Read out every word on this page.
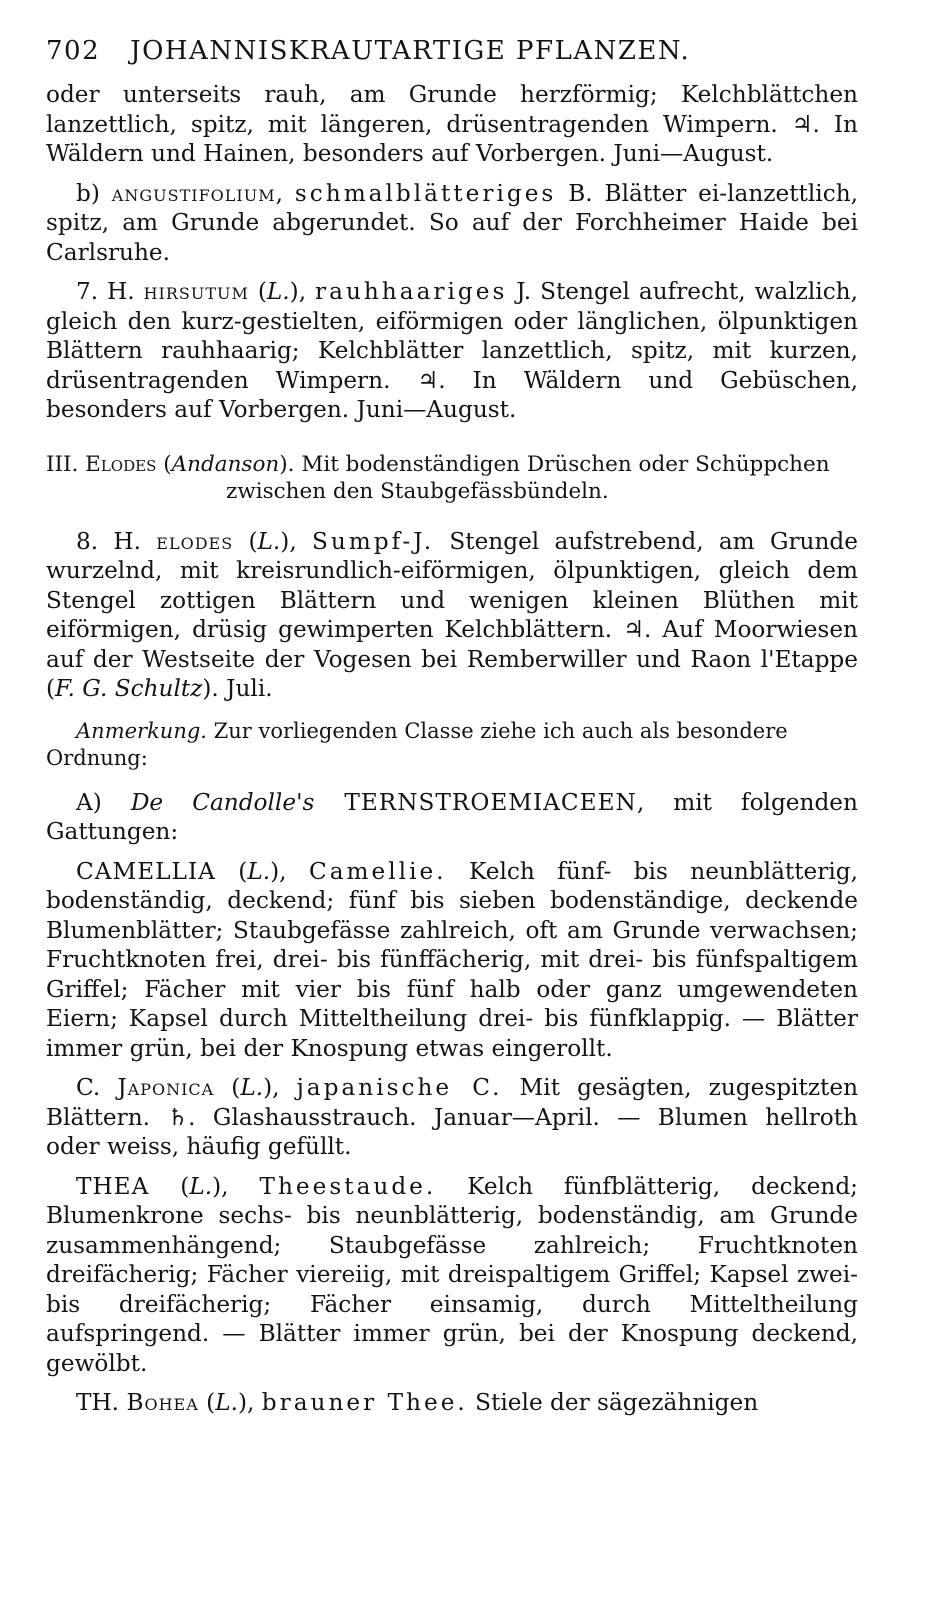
702 JOHANNISKRAUTARTIGE PFLANZEN.

oder unterseits rauh, am Grunde herzförmig; Kelchblättchen lanzettlich, spitz, mit längeren, drüsentragenden Wimpern. ♃. In Wäldern und Hainen, besonders auf Vorbergen. Juni—August.

b) angustifolium, schmalblätteriges B. Blätter ei-lanzettlich, spitz, am Grunde abgerundet. So auf der Forchheimer Haide bei Carlsruhe.

7. H. hirsutum (L.), rauhhaariges J. Stengel aufrecht, walzlich, gleich den kurz-gestielten, eiförmigen oder länglichen, ölpunktigen Blättern rauhhaarig; Kelchblätter lanzettlich, spitz, mit kurzen, drüsentragenden Wimpern. ♃. In Wäldern und Gebüschen, besonders auf Vorbergen. Juni—August.

III. Elodes (Andanson). Mit bodenständigen Drüschen oder Schüppchen
zwischen den Staubgefässbündeln.

8. H. elodes (L.), Sumpf-J. Stengel aufstrebend, am Grunde wurzelnd, mit kreisrundlich-eiförmigen, ölpunktigen, gleich dem Stengel zottigen Blättern und wenigen kleinen Blüthen mit eiförmigen, drüsig gewimperten Kelchblättern. ♃. Auf Moorwiesen auf der Westseite der Vogesen bei Remberwiller und Raon l'Etappe (F. G. Schultz). Juli.

Anmerkung. Zur vorliegenden Classe ziehe ich auch als besondere Ordnung:

A) De Candolle's TERNSTROEMIACEEN, mit folgenden Gattungen:

CAMELLIA (L.), Camellie. Kelch fünf- bis neunblätterig, bodenständig, deckend; fünf bis sieben bodenständige, deckende Blumenblätter; Staubgefässe zahlreich, oft am Grunde verwachsen; Fruchtknoten frei, drei- bis fünffächerig, mit drei- bis fünfspaltigem Griffel; Fächer mit vier bis fünf halb oder ganz umgewendeten Eiern; Kapsel durch Mitteltheilung drei- bis fünfklappig. — Blätter immer grün, bei der Knospung etwas eingerollt.

C. Japonica (L.), japanische C. Mit gesägten, zugespitzten Blättern. ♄. Glashausstrauch. Januar—April. — Blumen hellroth oder weiss, häufig gefüllt.

THEA (L.), Theestaude. Kelch fünfblätterig, deckend; Blumenkrone sechs- bis neunblätterig, bodenständig, am Grunde zusammenhängend; Staubgefässe zahlreich; Fruchtknoten dreifächerig; Fächer viereiig, mit dreispaltigem Griffel; Kapsel zwei- bis dreifächerig; Fächer einsamig, durch Mitteltheilung aufspringend. — Blätter immer grün, bei der Knospung deckend, gewölbt.

TH. Bohea (L.), brauner Thee. Stiele der sägezähnigen
